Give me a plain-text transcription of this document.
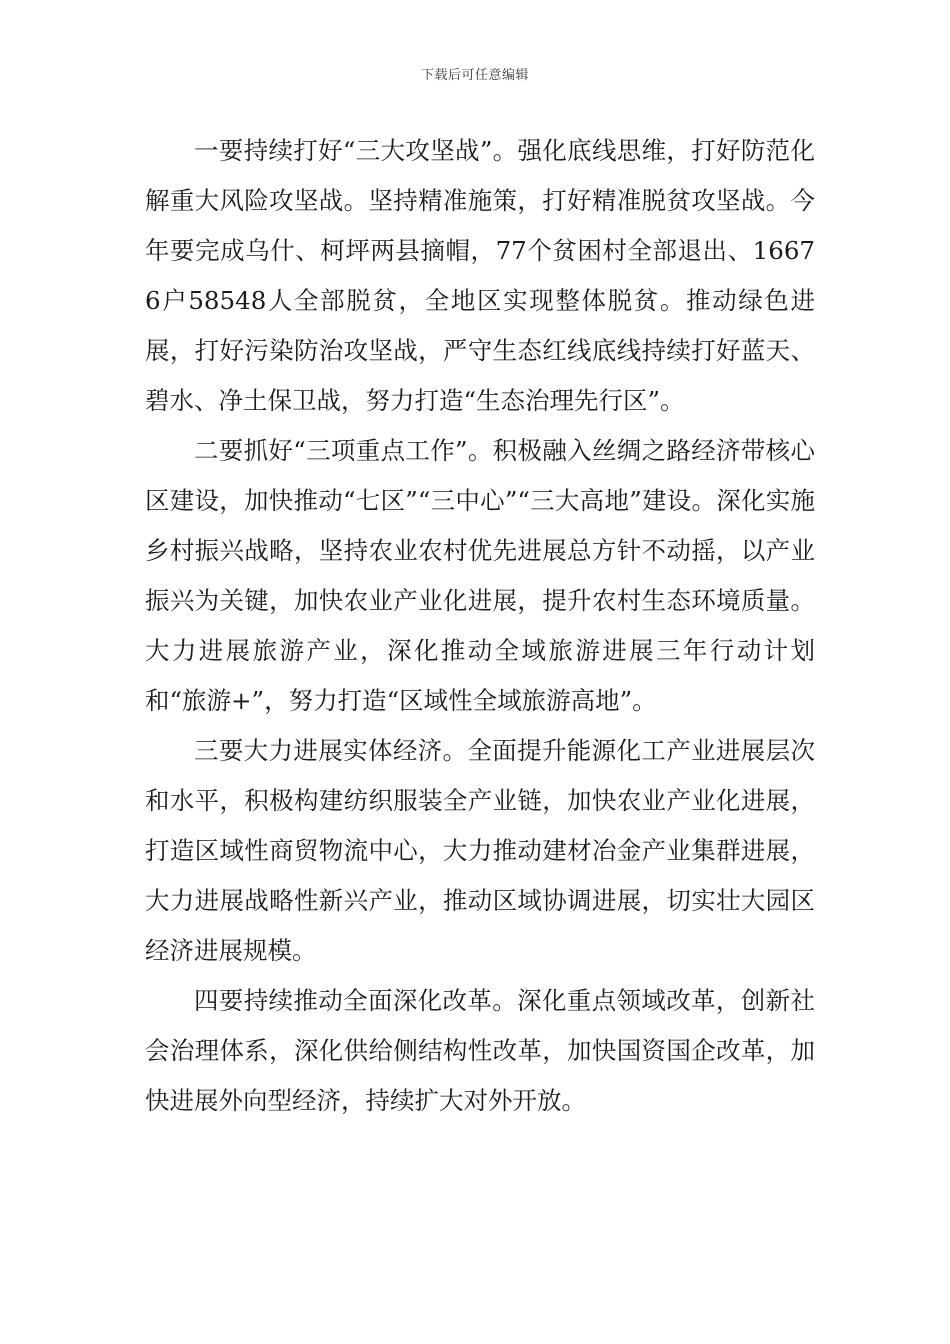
下载后可任意编辑

一要持续打好“三大攻坚战”。强化底线思维，打好防范化解重大风险攻坚战。坚持精准施策，打好精准脱贫攻坚战。今年要完成乌什、柯坪两县摘帽，77个贫困村全部退出、16676户58548人全部脱贫，全地区实现整体脱贫。推动绿色进展，打好污染防治攻坚战，严守生态红线底线持续打好蓝天、碧水、净土保卫战，努力打造“生态治理先行区”。

二要抓好“三项重点工作”。积极融入丝绸之路经济带核心区建设，加快推动“七区”“三中心”“三大高地”建设。深化实施乡村振兴战略，坚持农业农村优先进展总方针不动摇，以产业振兴为关键，加快农业产业化进展，提升农村生态环境质量。大力进展旅游产业，深化推动全域旅游进展三年行动计划和“旅游+”，努力打造“区域性全域旅游高地”。

三要大力进展实体经济。全面提升能源化工产业进展层次和水平，积极构建纺织服装全产业链，加快农业产业化进展，打造区域性商贸物流中心，大力推动建材冶金产业集群进展，大力进展战略性新兴产业，推动区域协调进展，切实壮大园区经济进展规模。

四要持续推动全面深化改革。深化重点领域改革，创新社会治理体系，深化供给侧结构性改革，加快国资国企改革，加快进展外向型经济，持续扩大对外开放。
